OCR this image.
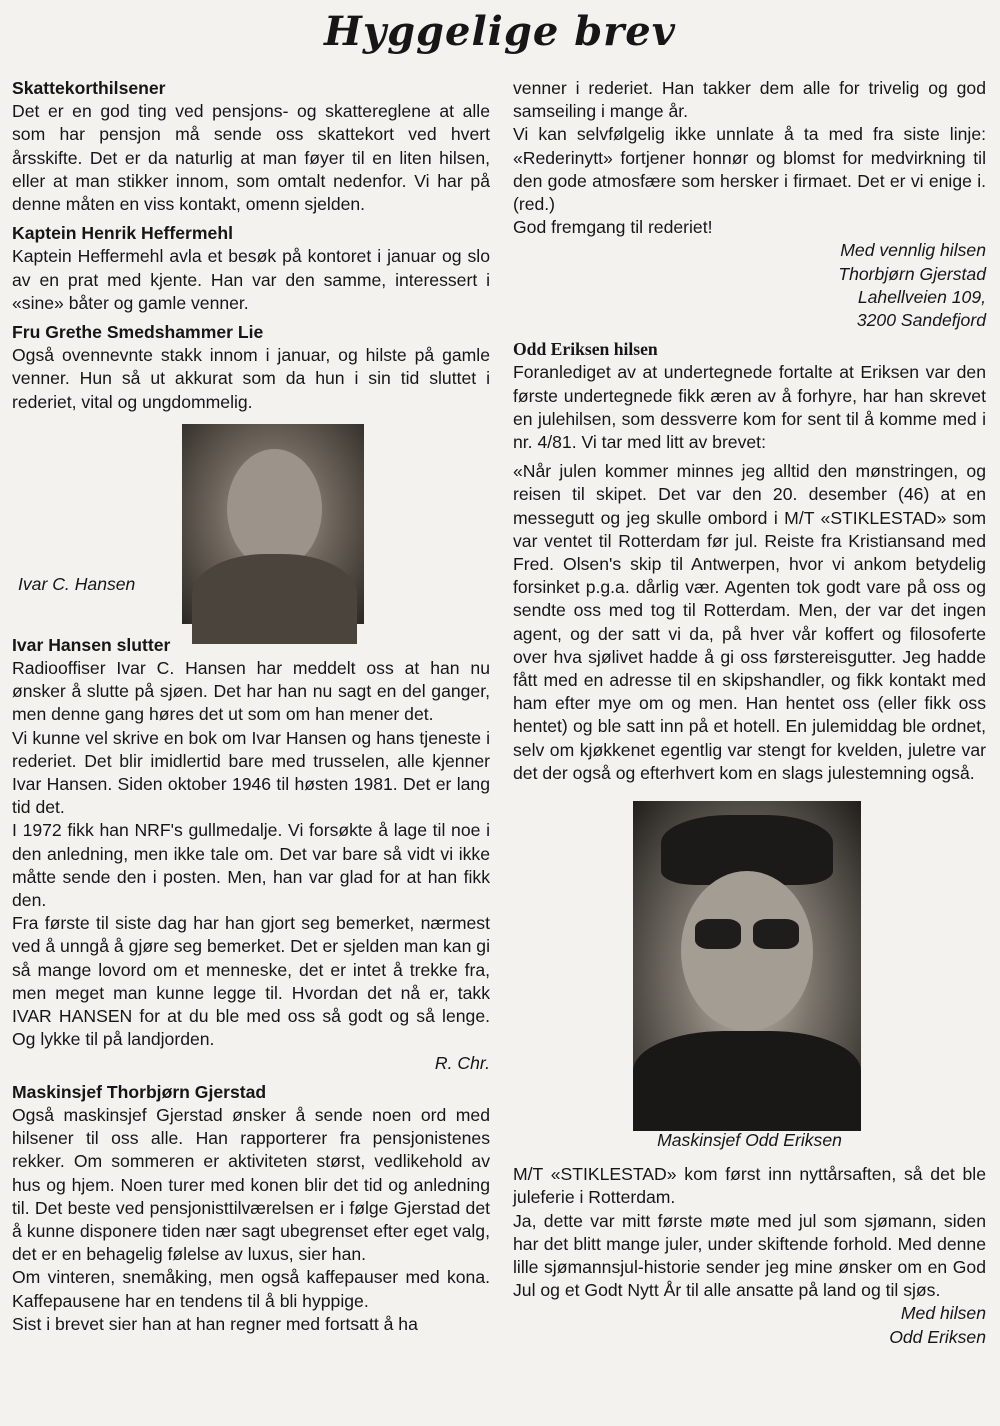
Hyggelige brev
Skattekorthilsener

Det er en god ting ved pensjons- og skattereglene at alle som har pensjon må sende oss skattekort ved hvert årsskifte. Det er da naturlig at man føyer til en liten hilsen, eller at man stikker innom, som omtalt nedenfor. Vi har på denne måten en viss kontakt, omenn sjelden.

Kaptein Henrik Heffermehl

Kaptein Heffermehl avla et besøk på kontoret i januar og slo av en prat med kjente. Han var den samme, interessert i «sine» båter og gamle venner.

Fru Grethe Smedshammer Lie

Også ovennevnte stakk innom i januar, og hilste på gamle venner. Hun så ut akkurat som da hun i sin tid sluttet i rederiet, vital og ungdommelig.

Ivar C. Hansen
Ivar Hansen slutter

Radiooffiser Ivar C. Hansen har meddelt oss at han nu ønsker å slutte på sjøen. Det har han nu sagt en del ganger, men denne gang høres det ut som om han mener det.

Vi kunne vel skrive en bok om Ivar Hansen og hans tjeneste i rederiet. Det blir imidlertid bare med trusselen, alle kjenner Ivar Hansen. Siden oktober 1946 til høsten 1981. Det er lang tid det.

I 1972 fikk han NRF's gullmedalje. Vi forsøkte å lage til noe i den anledning, men ikke tale om. Det var bare så vidt vi ikke måtte sende den i posten. Men, han var glad for at han fikk den.

Fra første til siste dag har han gjort seg bemerket, nærmest ved å unngå å gjøre seg bemerket. Det er sjelden man kan gi så mange lovord om et menneske, det er intet å trekke fra, men meget man kunne legge til. Hvordan det nå er, takk IVAR HANSEN for at du ble med oss så godt og så lenge. Og lykke til på landjorden.

R. Chr.

Maskinsjef Thorbjørn Gjerstad

Også maskinsjef Gjerstad ønsker å sende noen ord med hilsener til oss alle. Han rapporterer fra pensjonistenes rekker. Om sommeren er aktiviteten størst, vedlikehold av hus og hjem. Noen turer med konen blir det tid og anledning til. Det beste ved pensjonisttilværelsen er i følge Gjerstad det å kunne disponere tiden nær sagt ubegrenset efter eget valg, det er en behagelig følelse av luxus, sier han.

Om vinteren, snemåking, men også kaffepauser med kona. Kaffepausene har en tendens til å bli hyppige.

Sist i brevet sier han at han regner med fortsatt å ha

venner i rederiet. Han takker dem alle for trivelig og god samseiling i mange år.

Vi kan selvfølgelig ikke unnlate å ta med fra siste linje: «Rederinytt» fortjener honnør og blomst for medvirkning til den gode atmosfære som hersker i firmaet. Det er vi enige i. (red.)

God fremgang til rederiet!

Med vennlig hilsen

Thorbjørn Gjerstad

Lahellveien 109,

3200 Sandefjord

Odd Eriksen hilsen

Foranlediget av at undertegnede fortalte at Eriksen var den første undertegnede fikk æren av å forhyre, har han skrevet en julehilsen, som dessverre kom for sent til å komme med i nr. 4/81. Vi tar med litt av brevet:

«Når julen kommer minnes jeg alltid den mønstringen, og reisen til skipet. Det var den 20. desember (46) at en messegutt og jeg skulle ombord i M/T «STIKLESTAD» som var ventet til Rotterdam før jul. Reiste fra Kristiansand med Fred. Olsen's skip til Antwerpen, hvor vi ankom betydelig forsinket p.g.a. dårlig vær. Agenten tok godt vare på oss og sendte oss med tog til Rotterdam. Men, der var det ingen agent, og der satt vi da, på hver vår koffert og filosoferte over hva sjølivet hadde å gi oss førstereisgutter. Jeg hadde fått med en adresse til en skipshandler, og fikk kontakt med ham efter mye om og men. Han hentet oss (eller fikk oss hentet) og ble satt inn på et hotell. En julemiddag ble ordnet, selv om kjøkkenet egentlig var stengt for kvelden, juletre var det der også og efterhvert kom en slags julestemning også.

Maskinsjef Odd Eriksen

M/T «STIKLESTAD» kom først inn nyttårsaften, så det ble juleferie i Rotterdam.

Ja, dette var mitt første møte med jul som sjømann, siden har det blitt mange juler, under skiftende forhold. Med denne lille sjømannsjul-historie sender jeg mine ønsker om en God Jul og et Godt Nytt År til alle ansatte på land og til sjøs.

Med hilsen

Odd Eriksen
